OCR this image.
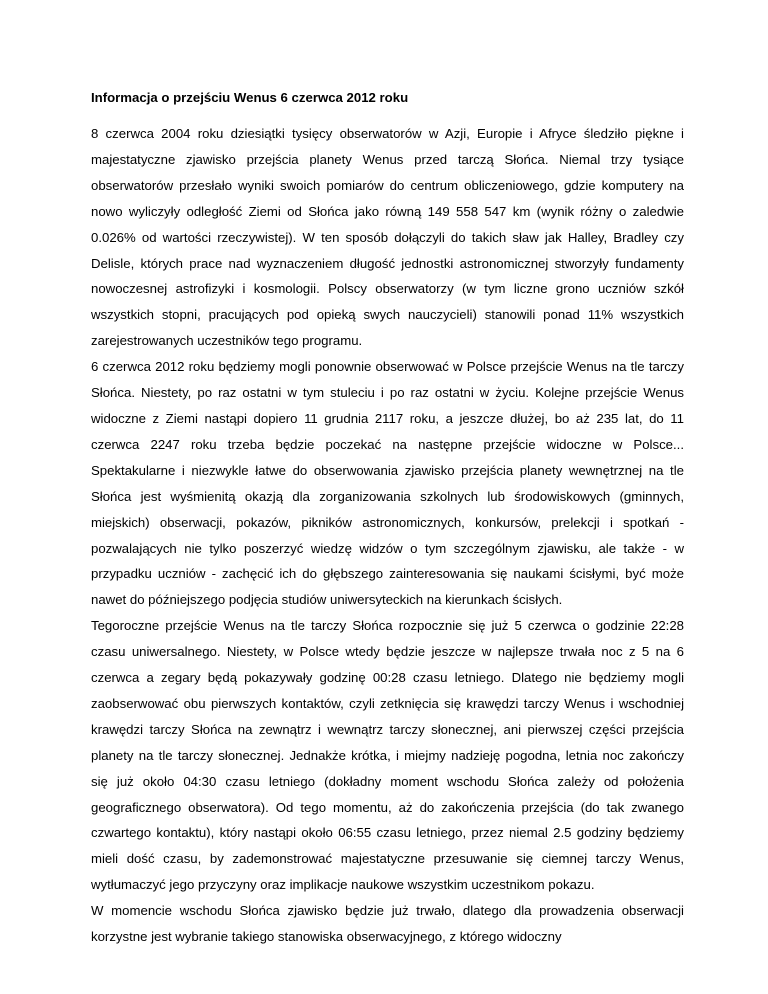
Informacja o przejściu Wenus 6 czerwca 2012 roku

8 czerwca 2004 roku dziesiątki tysięcy obserwatorów w Azji, Europie i Afryce śledziło piękne i majestatyczne zjawisko przejścia planety Wenus przed tarczą Słońca. Niemal trzy tysiące obserwatorów przesłało wyniki swoich pomiarów do centrum obliczeniowego, gdzie komputery na nowo wyliczyły odległość Ziemi od Słońca jako równą 149 558 547 km (wynik różny o zaledwie 0.026% od wartości rzeczywistej). W ten sposób dołączyli do takich sław jak Halley, Bradley czy Delisle, których prace nad wyznaczeniem długość jednostki astronomicznej stworzyły fundamenty nowoczesnej astrofizyki i kosmologii. Polscy obserwatorzy (w tym liczne grono uczniów szkół wszystkich stopni, pracujących pod opieką swych nauczycieli) stanowili ponad 11% wszystkich zarejestrowanych uczestników tego programu.

6 czerwca 2012 roku będziemy mogli ponownie obserwować w Polsce przejście Wenus na tle tarczy Słońca. Niestety, po raz ostatni w tym stuleciu i po raz ostatni w życiu. Kolejne przejście Wenus widoczne z Ziemi nastąpi dopiero 11 grudnia 2117 roku, a jeszcze dłużej, bo aż 235 lat, do 11 czerwca 2247 roku trzeba będzie poczekać na następne przejście widoczne w Polsce... Spektakularne i niezwykle łatwe do obserwowania zjawisko przejścia planety wewnętrznej na tle Słońca jest wyśmienitą okazją dla zorganizowania szkolnych lub środowiskowych (gminnych, miejskich) obserwacji, pokazów, pikników astronomicznych, konkursów, prelekcji i spotkań - pozwalających nie tylko poszerzyć wiedzę widzów o tym szczególnym zjawisku, ale także - w przypadku uczniów - zachęcić ich do głębszego zainteresowania się naukami ścisłymi, być może nawet do późniejszego podjęcia studiów uniwersyteckich na kierunkach ścisłych.

Tegoroczne przejście Wenus na tle tarczy Słońca rozpocznie się już 5 czerwca o godzinie 22:28 czasu uniwersalnego. Niestety, w Polsce wtedy będzie jeszcze w najlepsze trwała noc z 5 na 6 czerwca a zegary będą pokazywały godzinę 00:28 czasu letniego. Dlatego nie będziemy mogli zaobserwować obu pierwszych kontaktów, czyli zetknięcia się krawędzi tarczy Wenus i wschodniej krawędzi tarczy Słońca na zewnątrz i wewnątrz tarczy słonecznej, ani pierwszej części przejścia planety na tle tarczy słonecznej. Jednakże krótka, i miejmy nadzieję pogodna, letnia noc zakończy się już około 04:30 czasu letniego (dokładny moment wschodu Słońca zależy od położenia geograficznego obserwatora). Od tego momentu, aż do zakończenia przejścia (do tak zwanego czwartego kontaktu), który nastąpi około 06:55 czasu letniego, przez niemal 2.5 godziny będziemy mieli dość czasu, by zademonstrować majestatyczne przesuwanie się ciemnej tarczy Wenus, wytłumaczyć jego przyczyny oraz implikacje naukowe wszystkim uczestnikom pokazu.

W momencie wschodu Słońca zjawisko będzie już trwało, dlatego dla prowadzenia obserwacji korzystne jest wybranie takiego stanowiska obserwacyjnego, z którego widoczny
